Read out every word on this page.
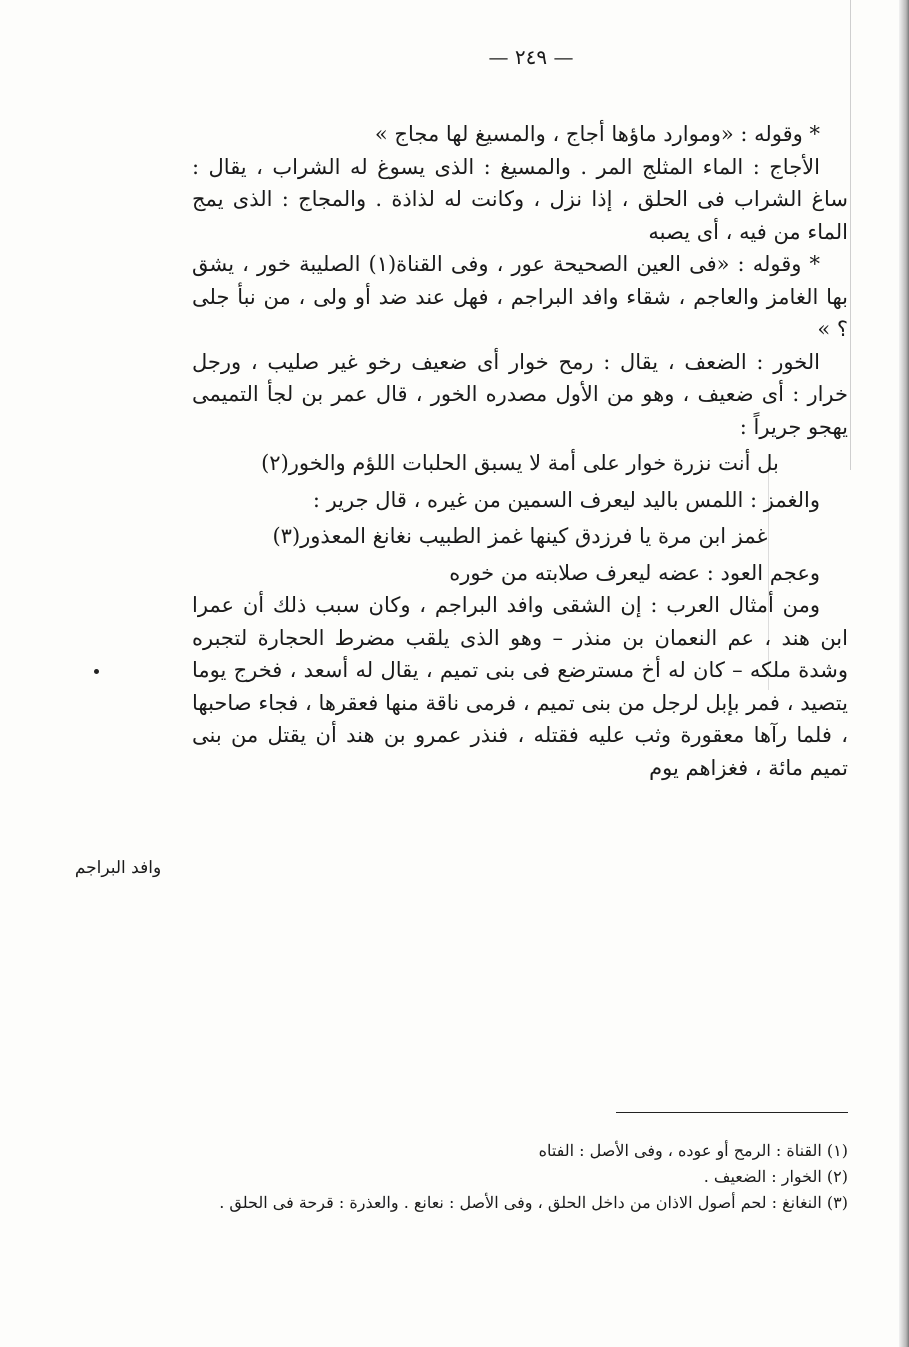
— ٢٤٩ —

* وقوله : «وموارد ماؤها أجاج ، والمسيغ لها مجاج »

الأجاج : الماء المثلج المر . والمسيغ : الذى يسوغ له الشراب ، يقال : ساغ الشراب فى الحلق ، إذا نزل ، وكانت له لذاذة . والمجاج : الذى يمج الماء من فيه ، أى يصبه

* وقوله : «فى العين الصحيحة عور ، وفى القناة(١) الصليبة خور ، يشق بها الغامز والعاجم ، شقاء وافد البراجم ، فهل عند ضد أو ولى ، من نبأ جلى ؟ »

الخور : الضعف ، يقال : رمح خوار أى ضعيف رخو غير صليب ، ورجل خرار : أى ضعيف ، وهو من الأول مصدره الخور ، قال عمر بن لجأ التميمى يهجو جريراً :

بل أنت نزرة خوار على أمة لا يسبق الحلبات اللؤم والخور(٢)

والغمز : اللمس باليد ليعرف السمين من غيره ، قال جرير :

غمز ابن مرة يا فرزدق كينها غمز الطبيب نغانغ المعذور(٣)

وعجم العود : عضه ليعرف صلابته من خوره

ومن أمثال العرب : إن الشقى وافد البراجم ، وكان سبب ذلك أن عمرا ابن هند ، عم النعمان بن منذر – وهو الذى يلقب مضرط الحجارة لتجبره وشدة ملكه – كان له أخ مسترضع فى بنى تميم ، يقال له أسعد ، فخرج يوما يتصيد ، فمر بإبل لرجل من بنى تميم ، فرمى ناقة منها فعقرها ، فجاء صاحبها ، فلما رآها معقورة وثب عليه فقتله ، فنذر عمرو بن هند أن يقتل من بنى تميم مائة ، فغزاهم يوم

وافد البراجم

(١) القناة : الرمح أو عوده ، وفى الأصل : الفتاه

(٢) الخوار : الضعيف .

(٣) النغانغ : لحم أصول الاذان من داخل الحلق ، وفى الأصل : نعانع . والعذرة : قرحة فى الحلق .
